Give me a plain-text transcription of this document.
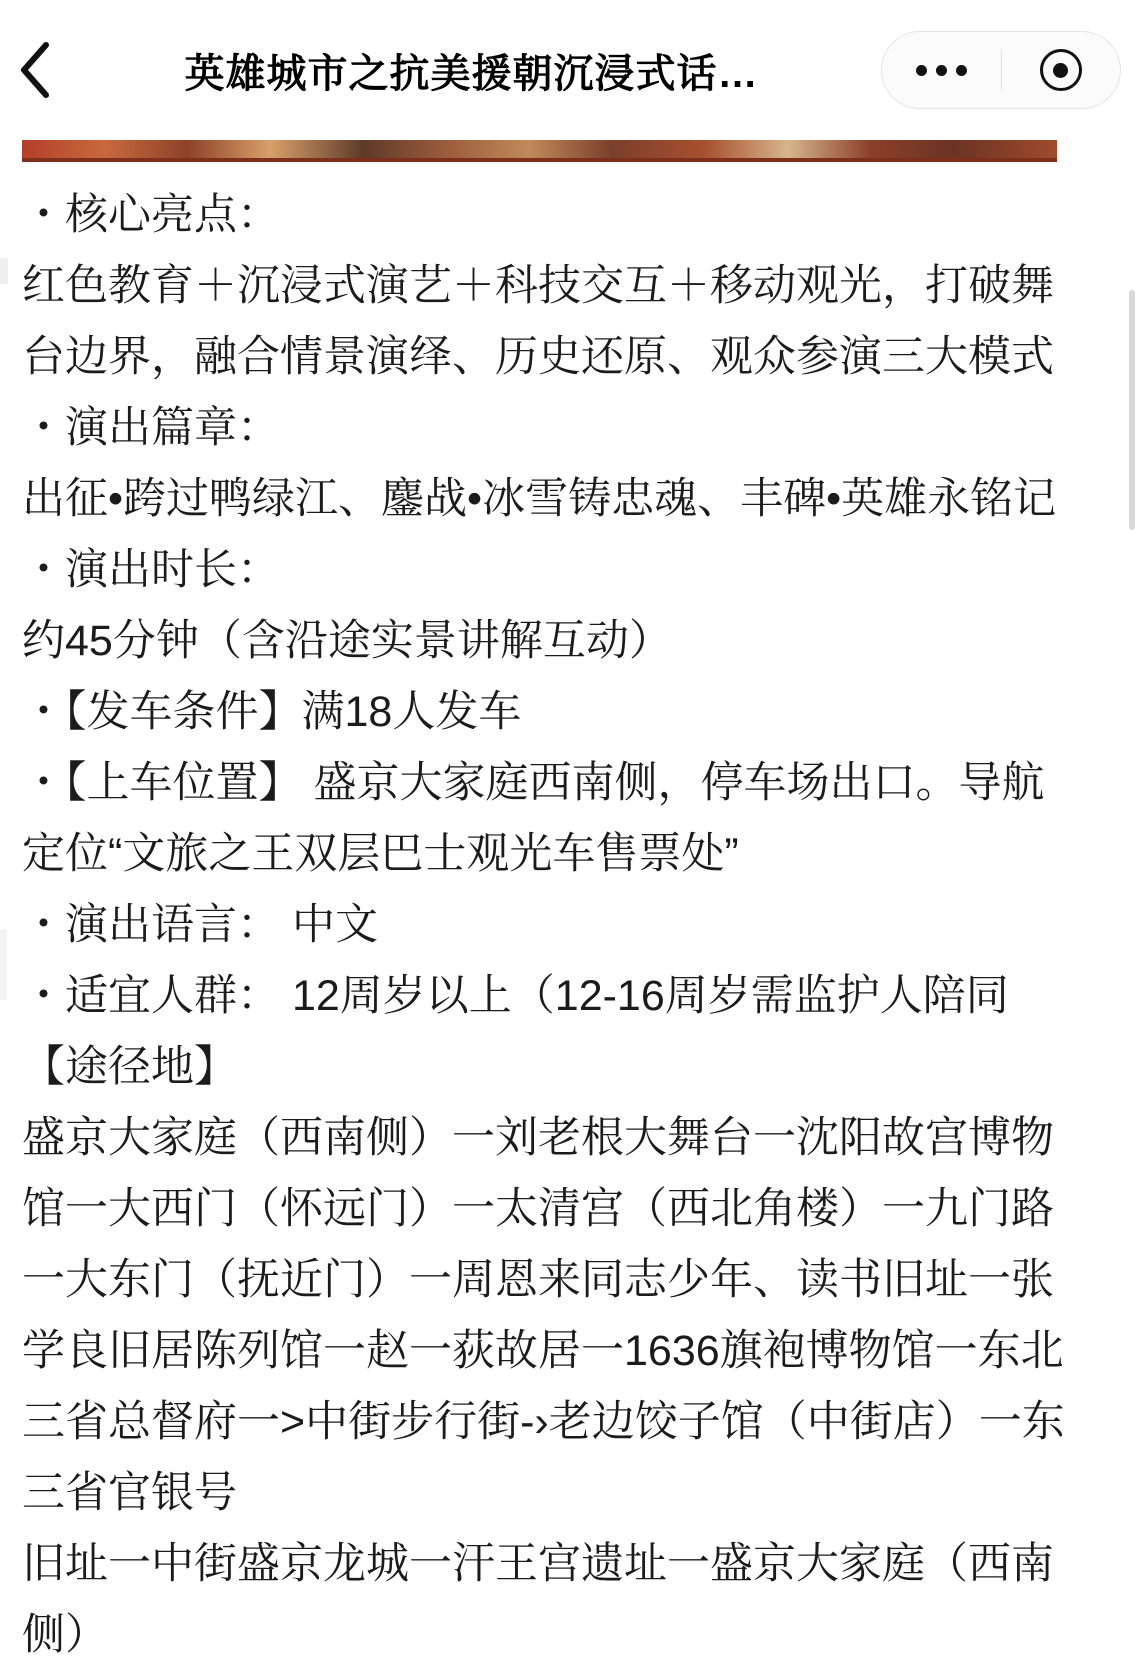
英雄城市之抗美援朝沉浸式话…
・核心亮点：
红色教育＋沉浸式演艺＋科技交互＋移动观光，打破舞
台边界，融合情景演绎、历史还原、观众参演三大模式
・演出篇章：
出征•跨过鸭绿江、鏖战•冰雪铸忠魂、丰碑•英雄永铭记
・演出时长：
约45分钟（含沿途实景讲解互动）
・【发车条件】满18人发车
・【上车位置】 盛京大家庭西南侧，停车场出口。导航
定位“文旅之王双层巴士观光车售票处”
・演出语言： 中文
・适宜人群： 12周岁以上（12-16周岁需监护人陪同
【途径地】
盛京大家庭（西南侧）一刘老根大舞台一沈阳故宫博物
馆一大西门（怀远门）一太清宫（西北角楼）一九门路
一大东门（抚近门）一周恩来同志少年、读书旧址一张
学良旧居陈列馆一赵一荻故居一1636旗袍博物馆一东北
三省总督府一>中街步行街-›老边饺子馆（中街店）一东
三省官银号
旧址一中街盛京龙城一汗王宫遗址一盛京大家庭（西南
侧）
